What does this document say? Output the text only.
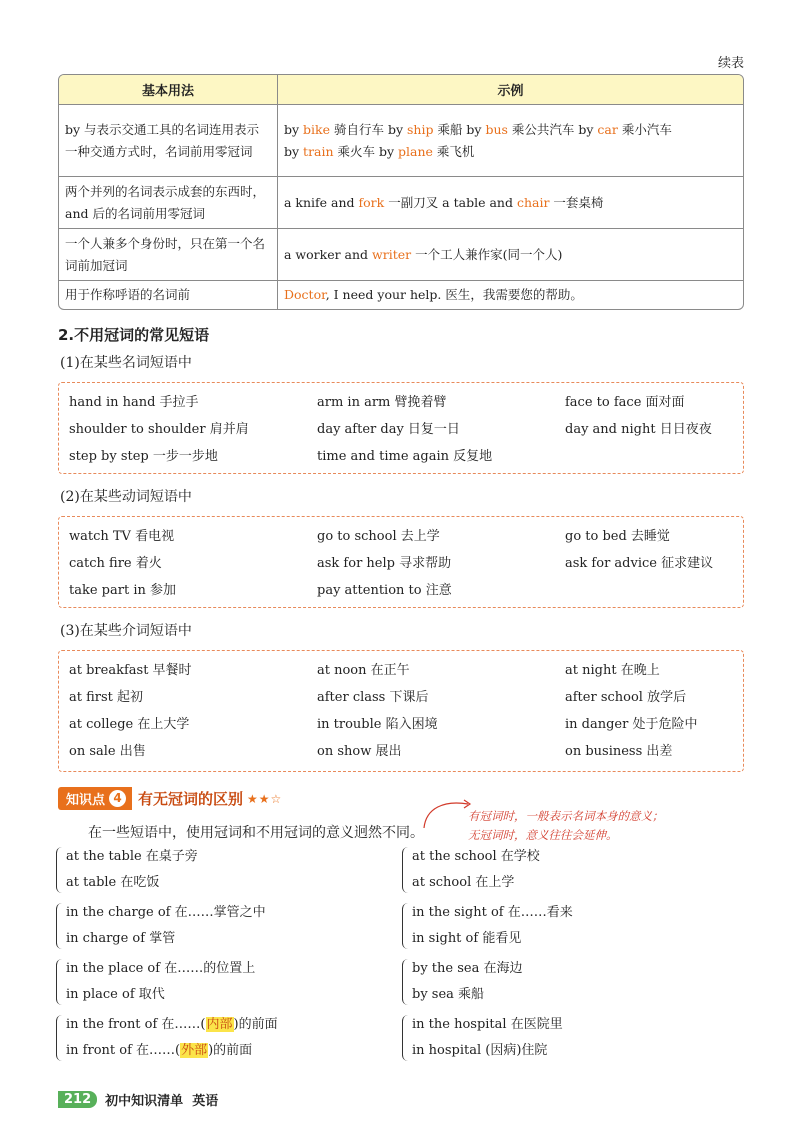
续表
基本用法	示例
by 与表示交通工具的名词连用表示一种交通方式时，名词前用零冠词	by bike 骑自行车 by ship 乘船 by bus 乘公共汽车 by car 乘小汽车
by train 乘火车 by plane 乘飞机

两个并列的名词表示成套的东西时，and 后的名词前用零冠词	a knife and fork 一副刀叉 a table and chair 一套桌椅

一个人兼多个身份时，只在第一个名词前加冠词	a worker and writer 一个工人兼作家(同一个人)

用于作称呼语的名词前	Doctor, I need your help. 医生，我需要您的帮助。
2.不用冠词的常见短语
(1)在某些名词短语中
hand in hand 手拉手	arm in arm 臂挽着臂	face to face 面对面
shoulder to shoulder 肩并肩	day after day 日复一日	day and night 日日夜夜
step by step 一步一步地	time and time again 反复地
(2)在某些动词短语中
watch TV 看电视	go to school 去上学	go to bed 去睡觉
catch fire 着火	ask for help 寻求帮助	ask for advice 征求建议
take part in 参加	pay attention to 注意
(3)在某些介词短语中
at breakfast 早餐时	at noon 在正午	at night 在晚上
at first 起初	after class 下课后	after school 放学后
at college 在上大学	in trouble 陷入困境	in danger 处于危险中
on sale 出售	on show 展出	on business 出差
知识点 4 有无冠词的区别 ★★☆
在一些短语中，使用冠词和不用冠词的意义迥然不同。
有冠词时，一般表示名词本身的意义；
无冠词时，意义往往会延伸。
at the table 在桌子旁
at table 在吃饭
at the school 在学校
at school 在上学
in the charge of 在……掌管之中
in charge of 掌管
in the sight of 在……看来
in sight of 能看见
in the place of 在……的位置上
in place of 取代
by the sea 在海边
by sea 乘船
in the front of 在……(内部)的前面
in front of 在……(外部)的前面
in the hospital 在医院里
in hospital (因病)住院
212	初中知识清单 英语
